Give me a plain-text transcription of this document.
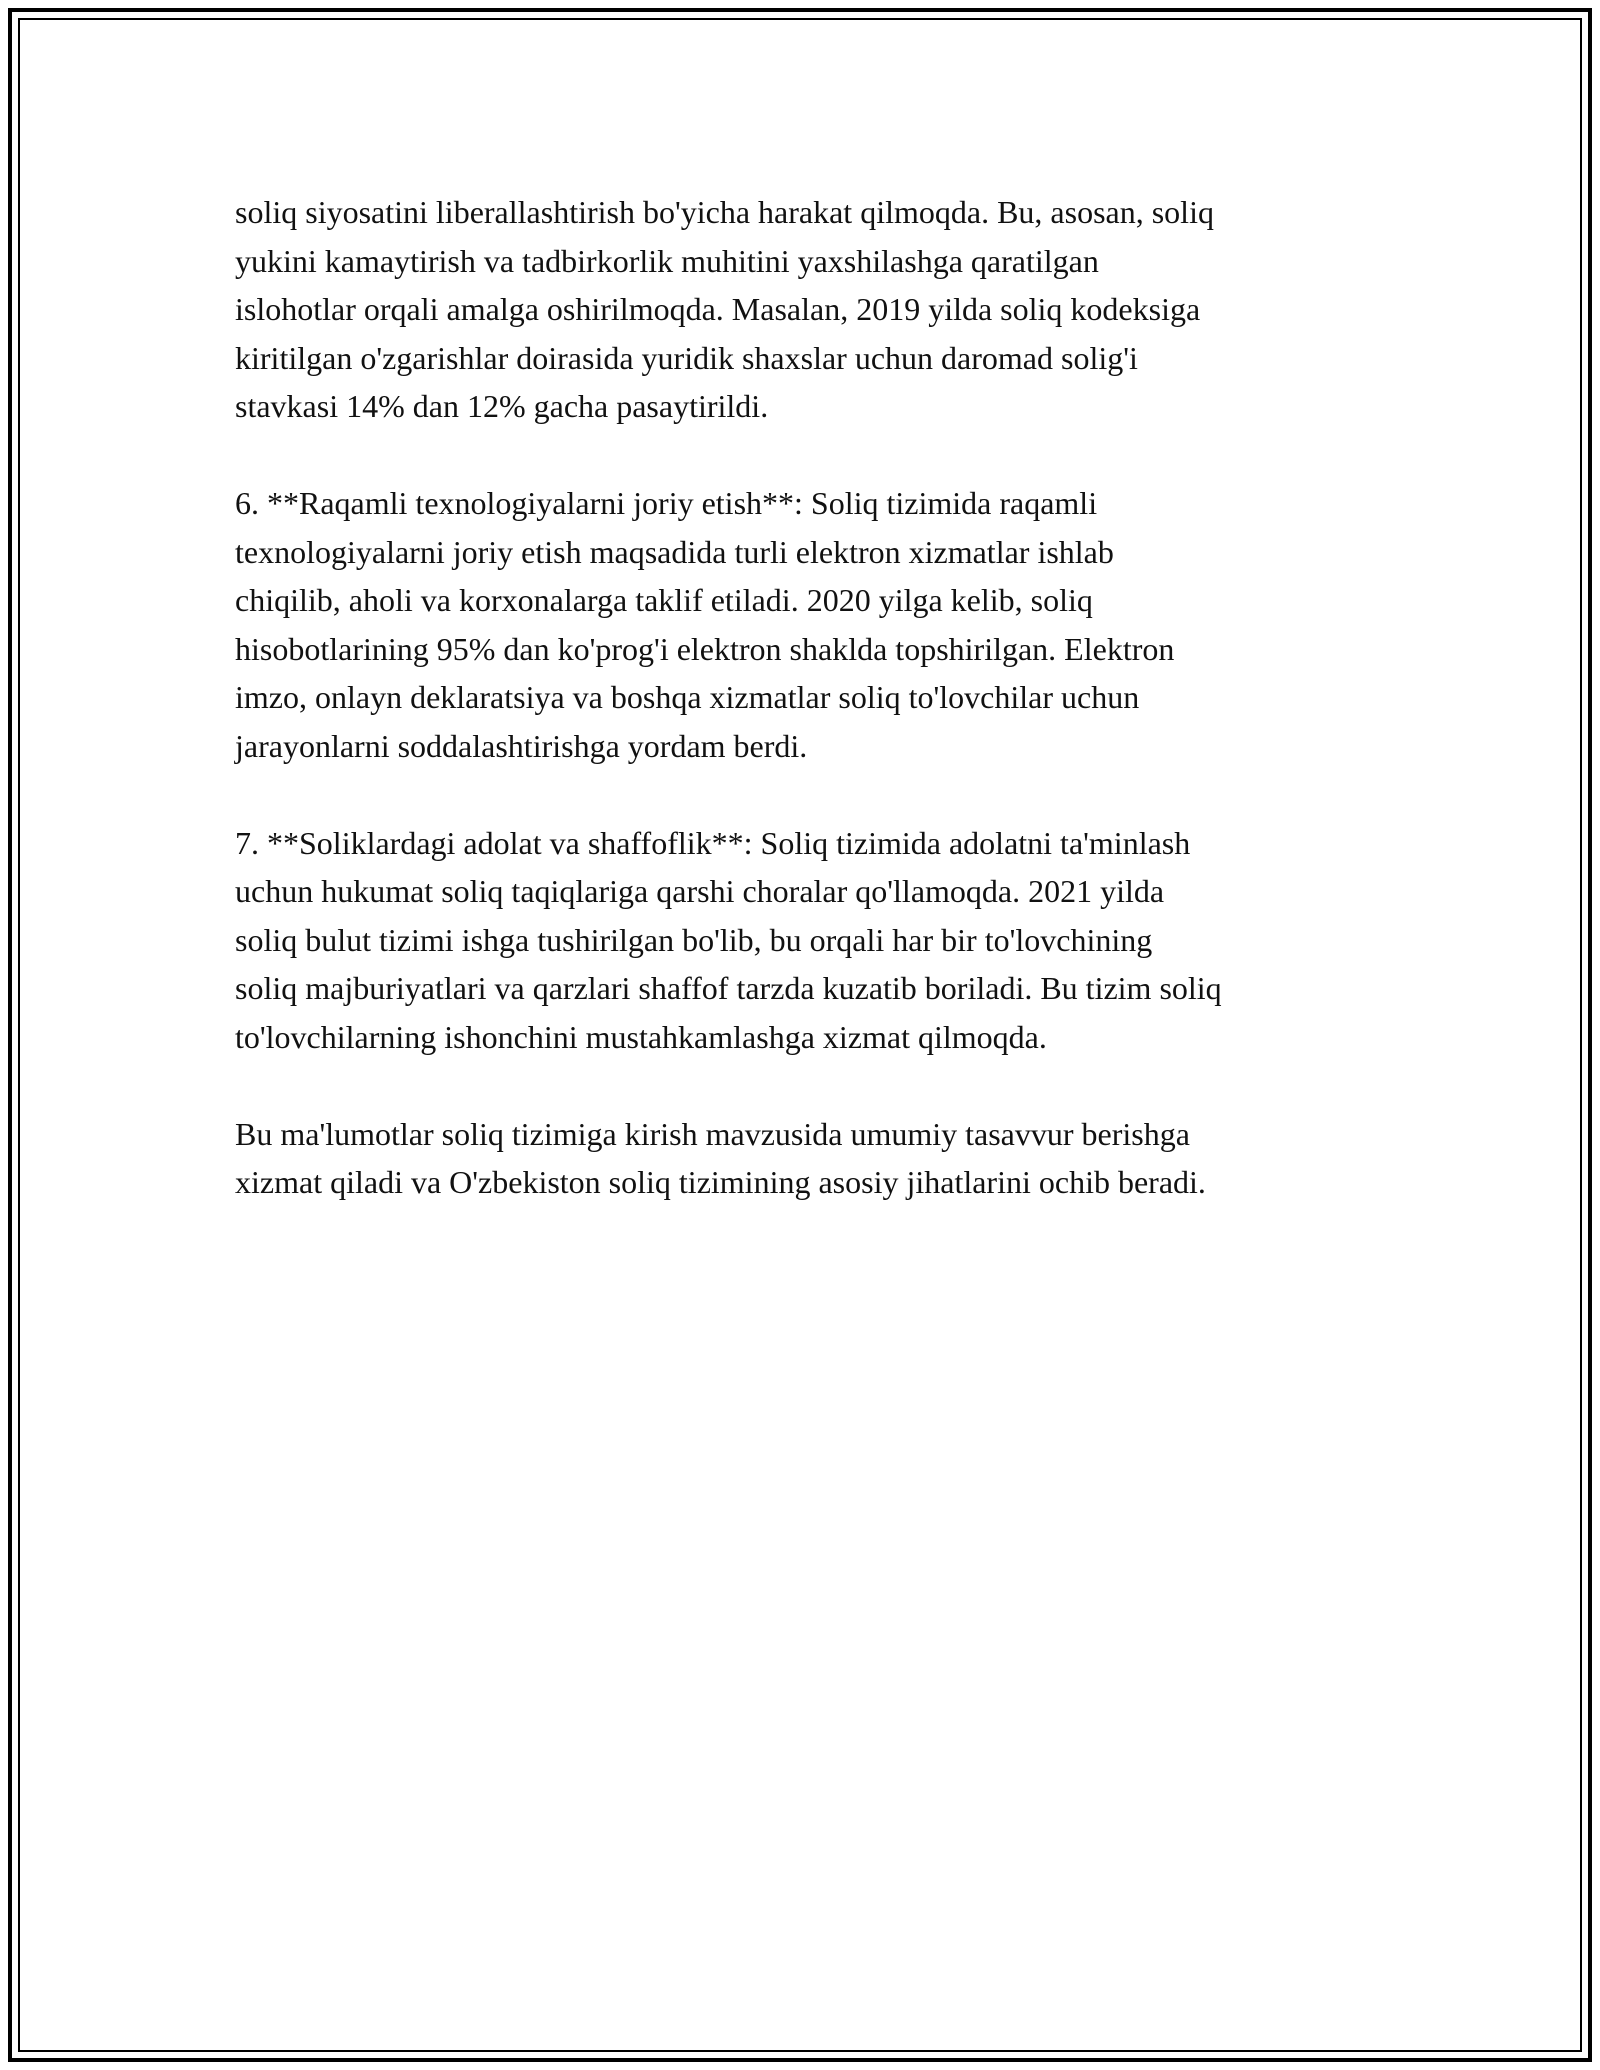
soliq siyosatini liberallashtirish bo'yicha harakat qilmoqda. Bu, asosan, soliq
yukini kamaytirish va tadbirkorlik muhitini yaxshilashga qaratilgan
islohotlar orqali amalga oshirilmoqda. Masalan, 2019 yilda soliq kodeksiga
kiritilgan o'zgarishlar doirasida yuridik shaxslar uchun daromad solig'i
stavkasi 14% dan 12% gacha pasaytirildi.

6. **Raqamli texnologiyalarni joriy etish**: Soliq tizimida raqamli
texnologiyalarni joriy etish maqsadida turli elektron xizmatlar ishlab
chiqilib, aholi va korxonalarga taklif etiladi. 2020 yilga kelib, soliq
hisobotlarining 95% dan ko'prog'i elektron shaklda topshirilgan. Elektron
imzo, onlayn deklaratsiya va boshqa xizmatlar soliq to'lovchilar uchun
jarayonlarni soddalashtirishga yordam berdi.

7. **Soliklardagi adolat va shaffoflik**: Soliq tizimida adolatni ta'minlash
uchun hukumat soliq taqiqlariga qarshi choralar qo'llamoqda. 2021 yilda
soliq bulut tizimi ishga tushirilgan bo'lib, bu orqali har bir to'lovchining
soliq majburiyatlari va qarzlari shaffof tarzda kuzatib boriladi. Bu tizim soliq
to'lovchilarning ishonchini mustahkamlashga xizmat qilmoqda.

Bu ma'lumotlar soliq tizimiga kirish mavzusida umumiy tasavvur berishga
xizmat qiladi va O'zbekiston soliq tizimining asosiy jihatlarini ochib beradi.
